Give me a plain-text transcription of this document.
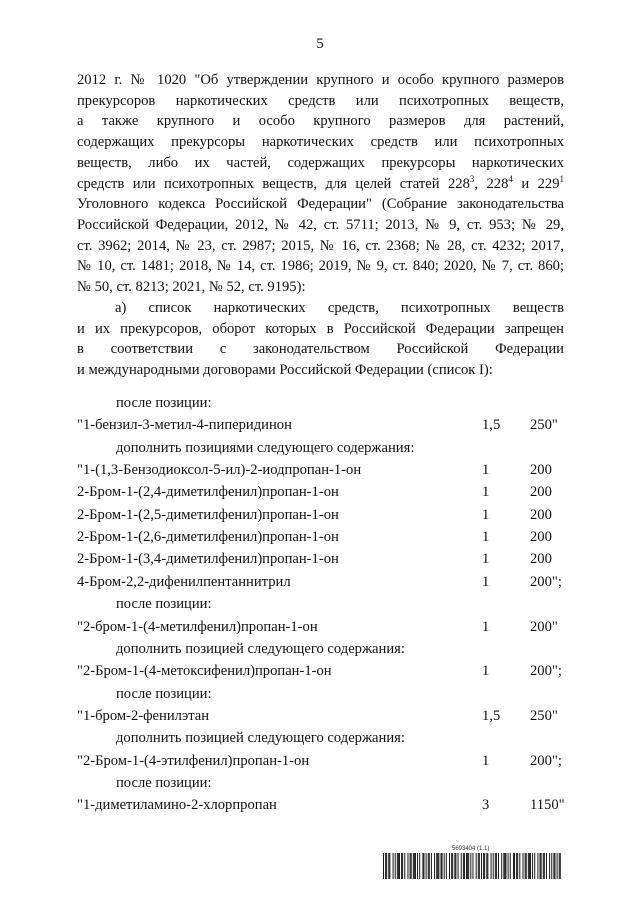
5
2012 г. № 1020 "Об утверждении крупного и особо крупного размеров
прекурсоров наркотических средств или психотропных веществ,
а также крупного и особо крупного размеров для растений,
содержащих прекурсоры наркотических средств или психотропных
веществ, либо их частей, содержащих прекурсоры наркотических
средств или психотропных веществ, для целей статей $228^3$, $228^4$ и $229^1$
Уголовного кодекса Российской Федерации" (Собрание законодательства
Российской Федерации, 2012, № 42, ст. 5711; 2013, № 9, ст. 953; № 29,
ст. 3962; 2014, № 23, ст. 2987; 2015, № 16, ст. 2368; № 28, ст. 4232; 2017,
№ 10, ст. 1481; 2018, № 14, ст. 1986; 2019, № 9, ст. 840; 2020, № 7, ст. 860;
№ 50, ст. 8213; 2021, № 52, ст. 9195):
а) список наркотических средств, психотропных веществ
и их прекурсоров, оборот которых в Российской Федерации запрещен
в соответствии с законодательством Российской Федерации
и международными договорами Российской Федерации (список I):
после позиции:
"1-бензил-3-метил-4-пиперидинон	1,5 250"
дополнить позициями следующего содержания:
"1-(1,3-Бензодиоксол-5-ил)-2-иодпропан-1-он	1	200
2-Бром-1-(2,4-диметилфенил)пропан-1-он	1	200
2-Бром-1-(2,5-диметилфенил)пропан-1-он	1	200
2-Бром-1-(2,6-диметилфенил)пропан-1-он	1	200
2-Бром-1-(3,4-диметилфенил)пропан-1-он	1	200
4-Бром-2,2-дифенилпентаннитрил	1	200";
после позиции:
"2-бром-1-(4-метилфенил)пропан-1-он	1	200"
дополнить позицией следующего содержания:
"2-Бром-1-(4-метоксифенил)пропан-1-он	1	200";
после позиции:
"1-бром-2-фенилэтан	1,5 250"
дополнить позицией следующего содержания:
"2-Бром-1-(4-этилфенил)пропан-1-он	1	200";
после позиции:
"1-диметиламино-2-хлорпропан	3	1150"
5693404 (1.1)
